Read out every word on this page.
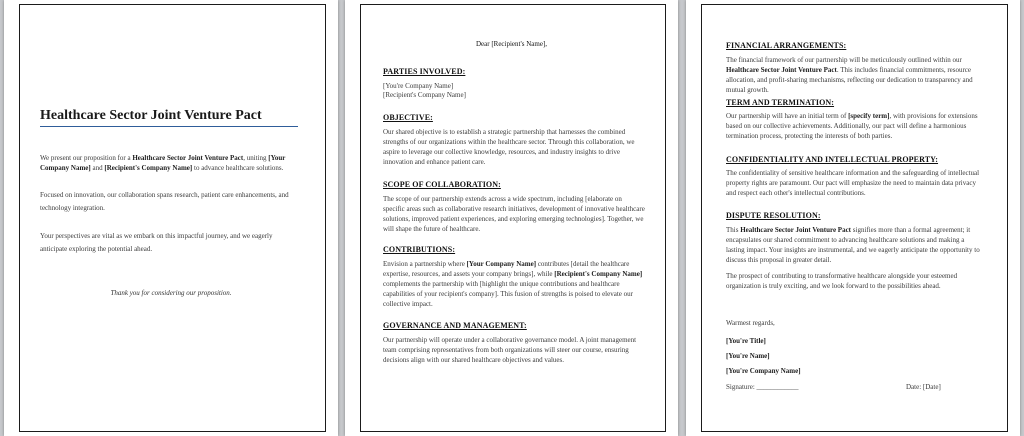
Healthcare Sector Joint Venture Pact
We present our proposition for a Healthcare Sector Joint Venture Pact, uniting [Your Company Name] and [Recipient's Company Name] to advance healthcare solutions.
Focused on innovation, our collaboration spans research, patient care enhancements, and technology integration.
Your perspectives are vital as we embark on this impactful journey, and we eagerly anticipate exploring the potential ahead.
Thank you for considering our proposition.
Dear [Recipient's Name],
PARTIES INVOLVED:
[You're Company Name]
[Recipient's Company Name]
OBJECTIVE:
Our shared objective is to establish a strategic partnership that harnesses the combined strengths of our organizations within the healthcare sector. Through this collaboration, we aspire to leverage our collective knowledge, resources, and industry insights to drive innovation and enhance patient care.
SCOPE OF COLLABORATION:
The scope of our partnership extends across a wide spectrum, including [elaborate on specific areas such as collaborative research initiatives, development of innovative healthcare solutions, improved patient experiences, and exploring emerging technologies]. Together, we will shape the future of healthcare.
CONTRIBUTIONS:
Envision a partnership where [Your Company Name] contributes [detail the healthcare expertise, resources, and assets your company brings], while [Recipient's Company Name] complements the partnership with [highlight the unique contributions and healthcare capabilities of your recipient's company]. This fusion of strengths is poised to elevate our collective impact.
GOVERNANCE AND MANAGEMENT:
Our partnership will operate under a collaborative governance model. A joint management team comprising representatives from both organizations will steer our course, ensuring decisions align with our shared healthcare objectives and values.
FINANCIAL ARRANGEMENTS:
The financial framework of our partnership will be meticulously outlined within our Healthcare Sector Joint Venture Pact. This includes financial commitments, resource allocation, and profit-sharing mechanisms, reflecting our dedication to transparency and mutual growth.
TERM AND TERMINATION:
Our partnership will have an initial term of [specify term], with provisions for extensions based on our collective achievements. Additionally, our pact will define a harmonious termination process, protecting the interests of both parties.
CONFIDENTIALITY AND INTELLECTUAL PROPERTY:
The confidentiality of sensitive healthcare information and the safeguarding of intellectual property rights are paramount. Our pact will emphasize the need to maintain data privacy and respect each other's intellectual contributions.
DISPUTE RESOLUTION:
This Healthcare Sector Joint Venture Pact signifies more than a formal agreement; it encapsulates our shared commitment to advancing healthcare solutions and making a lasting impact. Your insights are instrumental, and we eagerly anticipate the opportunity to discuss this proposal in greater detail.
The prospect of contributing to transformative healthcare alongside your esteemed organization is truly exciting, and we look forward to the possibilities ahead.
Warmest regards,
[You're Title]
[You're Name]
[You're Company Name]
Signature: ____________	Date: [Date]
